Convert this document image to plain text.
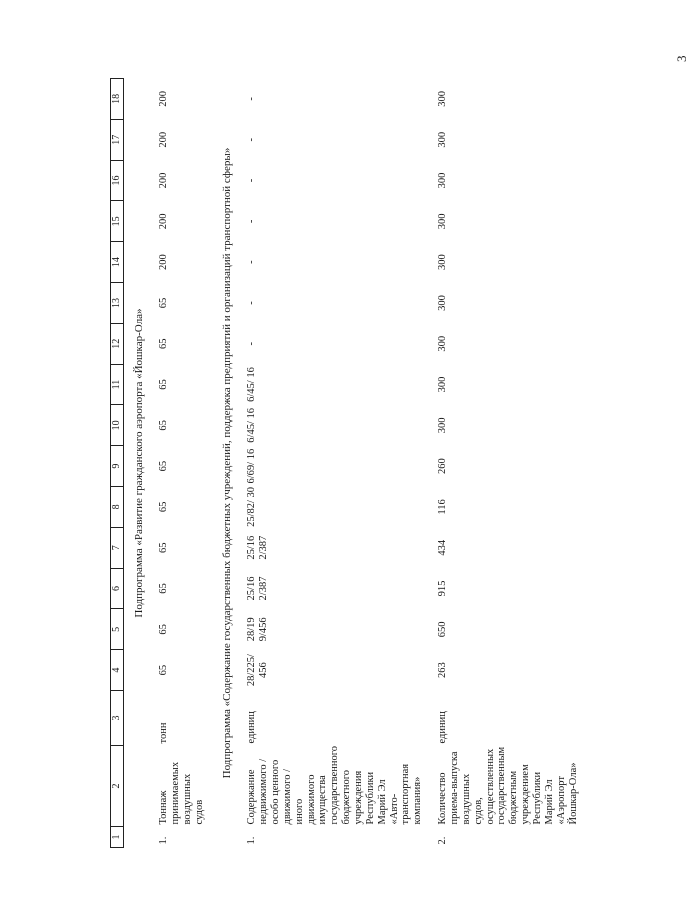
3
1	2	3	4	5	6	7	8	9	10	11	12	13	14	15	16	17	18
Подпрограмма «Развитие гражданского аэропорта «Йошкар-Ола»																	
1.	Тоннаж принимаемых воздушных судов	тонн	65	65	65	65	65	65	65	65	65	65	200	200	200	200	200
Подпрограмма «Содержание государственных бюджетных учреждений, поддержка предприятий и организаций транспортной сферы»																	
1.	Содержание недвижимого / особо ценного движимого / иного движимого имущества государственного бюджетного учреждения Республики Марий Эл «Авто-транспортная компания»	единиц	28/225/ 456	28/19 9/456	25/16 2/387	25/16 2/387	25/82/ 30	6/69/ 16	6/45/ 16	6/45/ 16	-	-	-	-	-	-	-
2.	Количество приема-выпуска воздушных судов, осуществленных государственным бюджетным учреждением Республики Марий Эл «Аэропорт Йошкар-Ола»	единиц	263	650	915	434	116	260	300	300	300	300	300	300	300	300	300
